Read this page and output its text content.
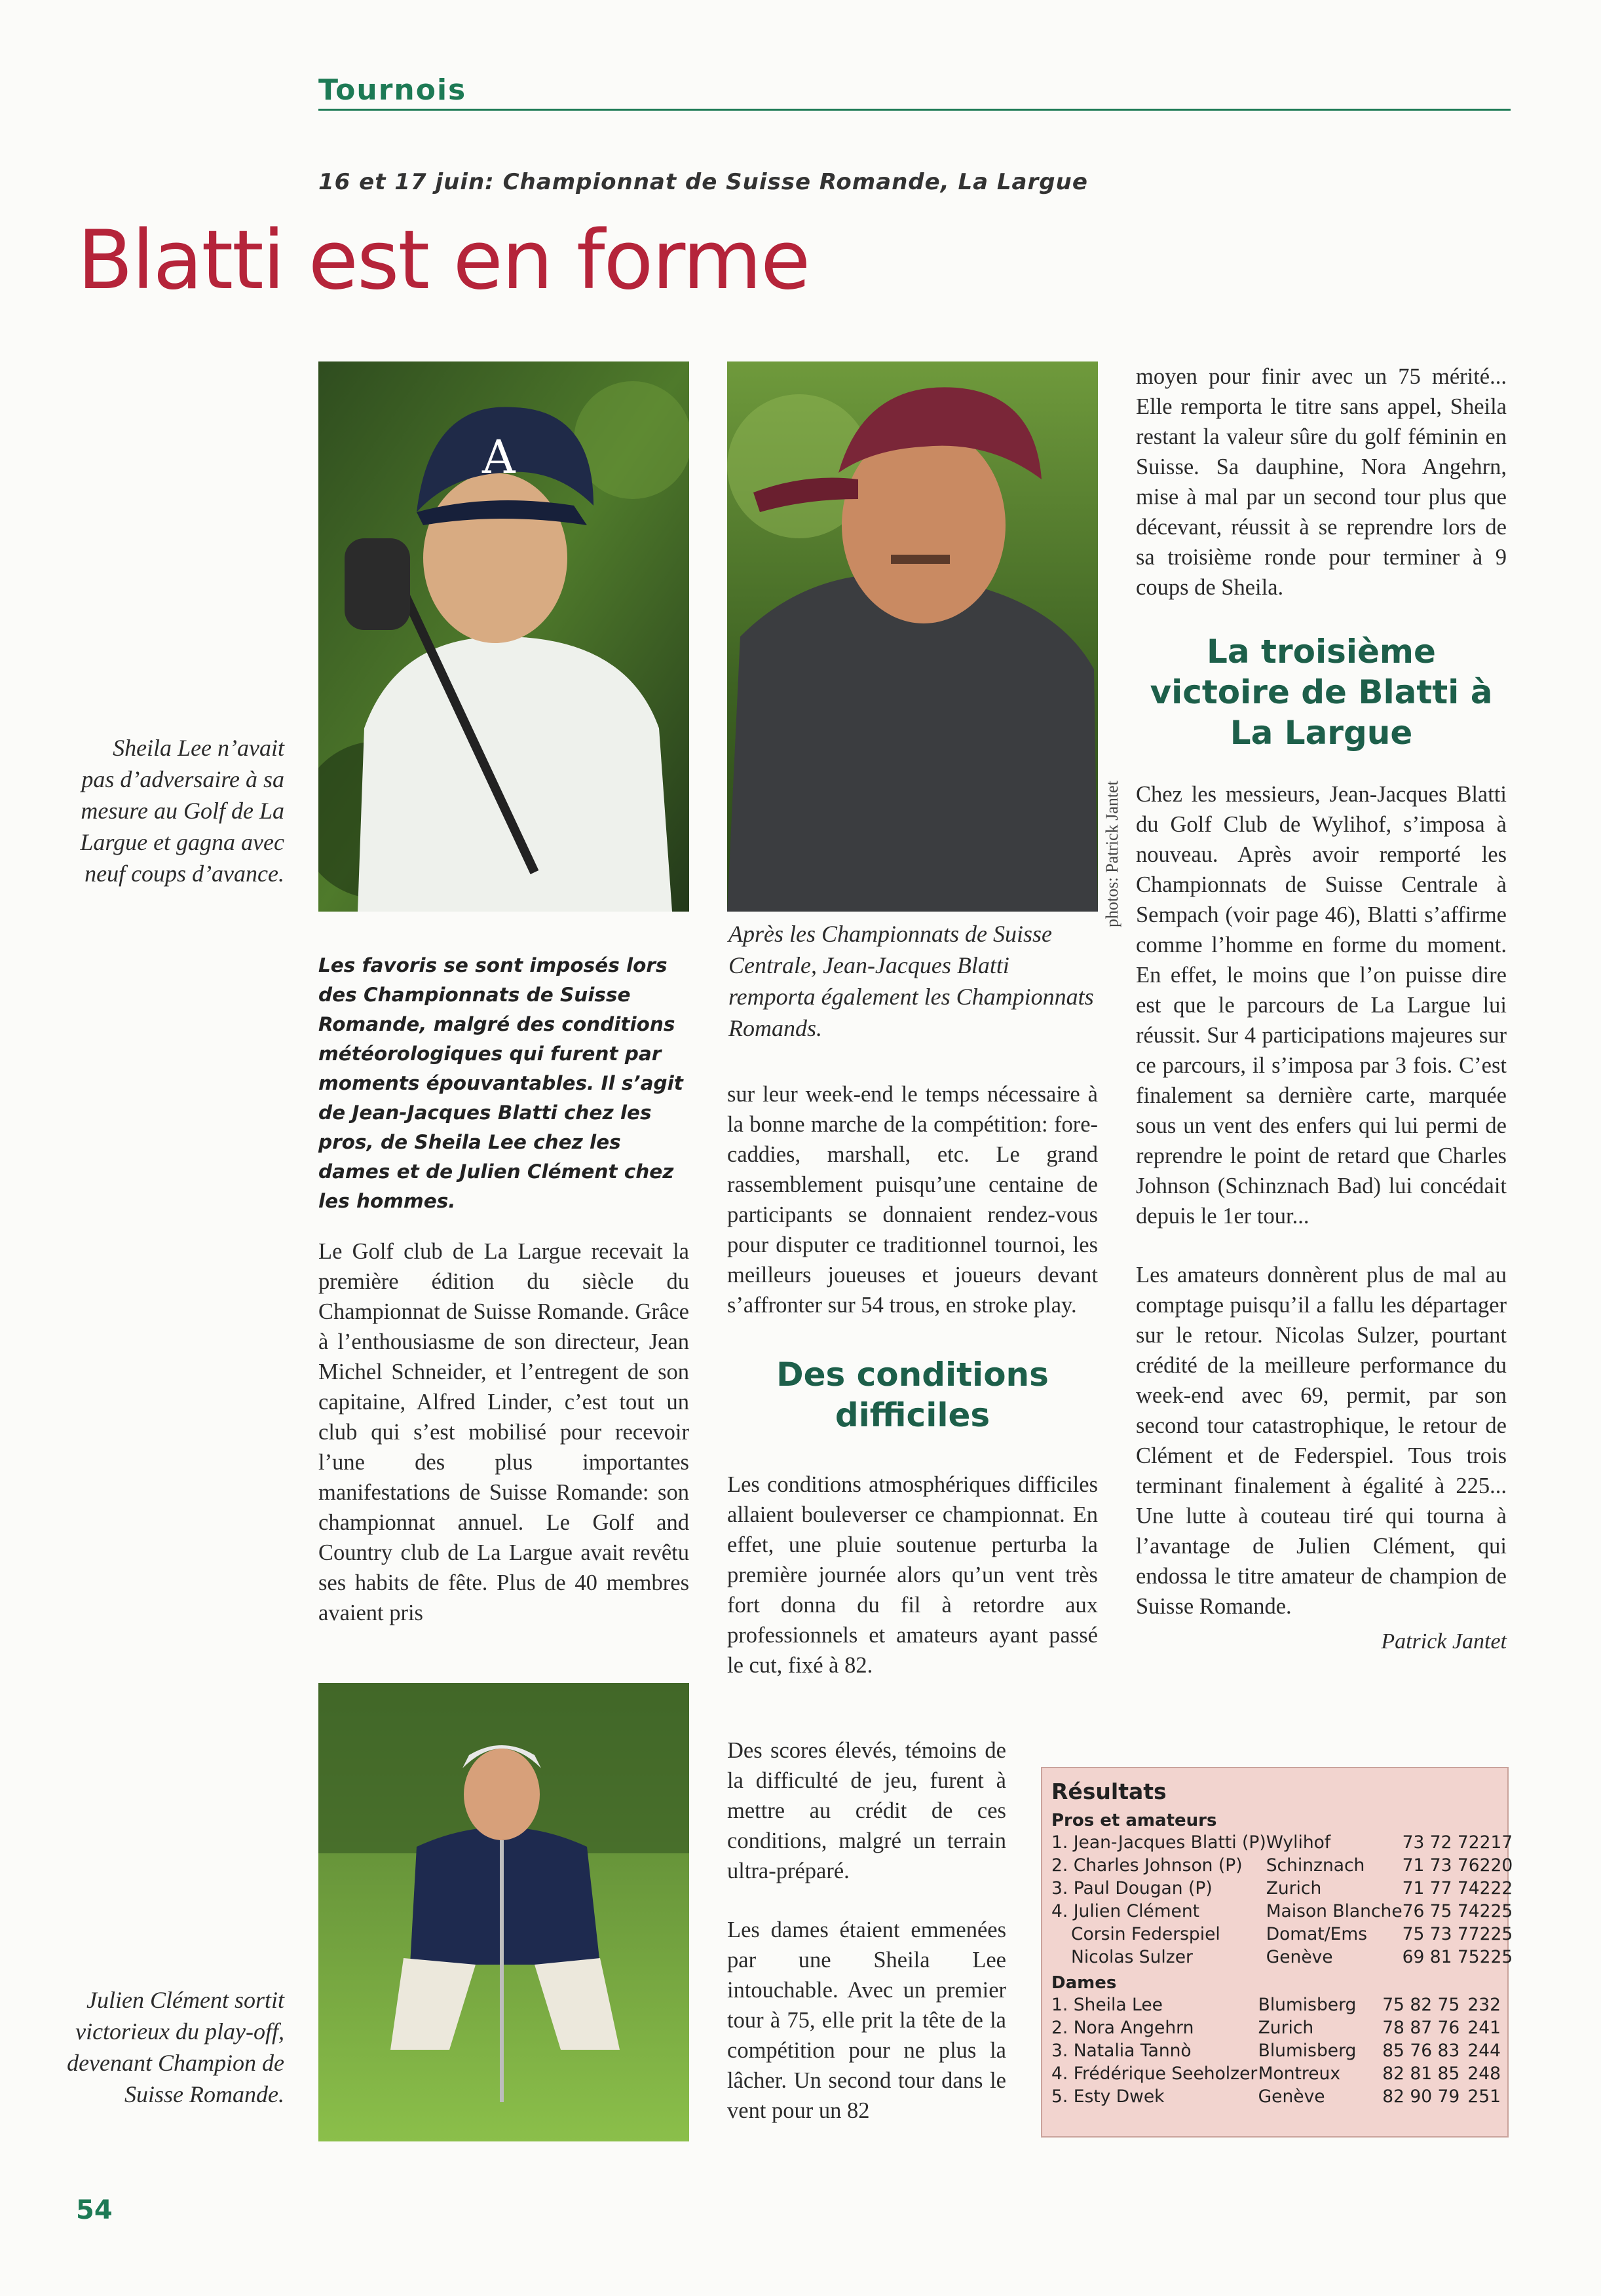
Tournois
16 et 17 juin: Championnat de Suisse Romande, La Largue
Blatti est en forme
A
Sheila Lee n’avait pas d’adversaire à sa mesure au Golf de La Largue et gagna avec neuf coups d’avance.
Après les Championnats de Suisse Centrale, Jean-Jacques Blatti remporta également les Championnats Romands.
Julien Clément sortit victorieux du play-off, devenant Champion de Suisse Romande.
photos: Patrick Jantet
Les favoris se sont imposés lors des Championnats de Suisse Romande, malgré des conditions météorologiques qui furent par moments épouvantables. Il s’agit de Jean-Jacques Blatti chez les pros, de Sheila Lee chez les dames et de Julien Clément chez les hommes.

Le Golf club de La Largue recevait la première édition du siècle du Championnat de Suisse Romande. Grâce à l’enthousiasme de son directeur, Jean Michel Schneider, et l’entregent de son capitaine, Alfred Linder, c’est tout un club qui s’est mobilisé pour recevoir l’une des plus importantes manifestations de Suisse Romande: son championnat annuel. Le Golf and Country club de La Largue avait revêtu ses habits de fête. Plus de 40 membres avaient pris

sur leur week-end le temps nécessaire à la bonne marche de la compétition: fore-caddies, marshall, etc. Le grand rassemblement puisqu’une centaine de participants se donnaient rendez-vous pour disputer ce traditionnel tournoi, les meilleurs joueuses et joueurs devant s’affronter sur 54 trous, en stroke play.

Des conditions difficiles

Les conditions atmosphériques difficiles allaient bouleverser ce championnat. En effet, une pluie soutenue perturba la première journée alors qu’un vent très fort donna du fil à retordre aux professionnels et amateurs ayant passé le cut, fixé à 82.

Des scores élevés, témoins de la difficulté de jeu, furent à mettre au crédit de ces conditions, malgré un terrain ultra-préparé.

Les dames étaient emmenées par une Sheila Lee intouchable. Avec un premier tour à 75, elle prit la tête de la compétition pour ne plus la lâcher. Un second tour dans le vent pour un 82

moyen pour finir avec un 75 mérité... Elle remporta le titre sans appel, Sheila restant la valeur sûre du golf féminin en Suisse. Sa dauphine, Nora Angehrn, mise à mal par un second tour plus que décevant, réussit à se reprendre lors de sa troisième ronde pour terminer à 9 coups de Sheila.

La troisième victoire de Blatti à La Largue

Chez les messieurs, Jean-Jacques Blatti du Golf Club de Wylihof, s’imposa à nouveau. Après avoir remporté les Championnats de Suisse Centrale à Sempach (voir page 46), Blatti s’affirme comme l’homme en forme du moment. En effet, le moins que l’on puisse dire est que le parcours de La Largue lui réussit. Sur 4 participations majeures sur ce parcours, il s’imposa par 3 fois. C’est finalement sa dernière carte, marquée sous un vent des enfers qui lui permi de reprendre le point de retard que Charles Johnson (Schinznach Bad) lui concédait depuis le 1er tour...

Les amateurs donnèrent plus de mal au comptage puisqu’il a fallu les départager sur le retour. Nicolas Sulzer, pourtant crédité de la meilleure performance du week-end avec 69, permit, par son second tour catastrophique, le retour de Clément et de Federspiel. Tous trois terminant finalement à égalité à 225... Une lutte à couteau tiré qui tourna à l’avantage de Julien Clément, qui endossa le titre amateur de champion de Suisse Romande.

Patrick Jantet
Résultats
Pros et amateurs
1. Jean-Jacques Blatti (P)	Wylihof	73 72 72	217
2. Charles Johnson (P)	Schinznach	71 73 76	220
3. Paul Dougan (P)	Zurich	71 77 74	222
4. Julien Clément	Maison Blanche	76 75 74	225
Corsin Federspiel	Domat/Ems	75 73 77	225
Nicolas Sulzer	Genève	69 81 75	225
Dames
1. Sheila Lee	Blumisberg	75 82 75	232
2. Nora Angehrn	Zurich	78 87 76	241
3. Natalia Tannò	Blumisberg	85 76 83	244
4. Frédérique Seeholzer	Montreux	82 81 85	248
5. Esty Dwek	Genève	82 90 79	251
54
